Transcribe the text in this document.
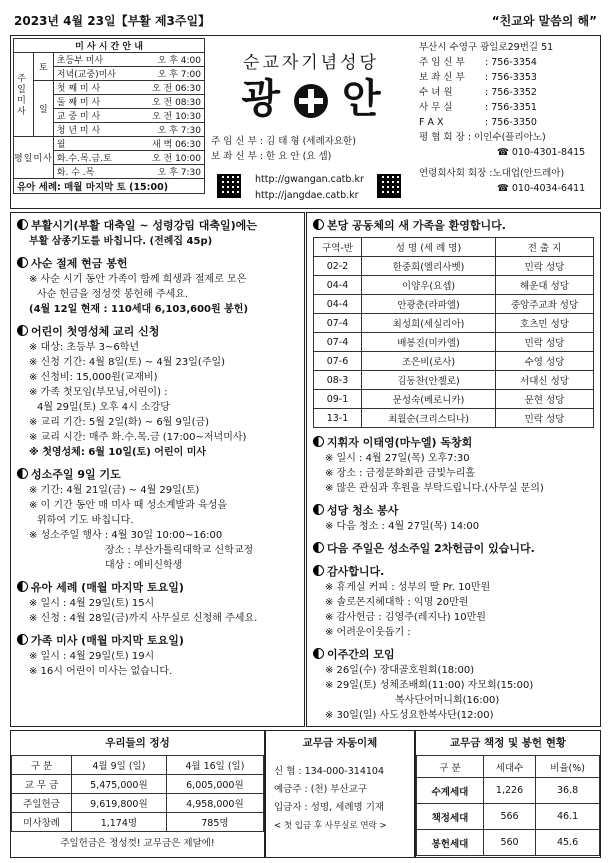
2023년 4월 23일【부활 제3주일】	“친교와 말씀의 해”
미 사 시 간 안 내		

주일미사	토	초등부 미사 오 후 4:00

		저녁(교중)미사 오 후 7:00

	일	첫 째 미 사 오 전 06:30

		둘 째 미 사 오 전 08:30

		교 중 미 사 오 전 10:30

		청 년 미 사 오 후 7:30

평일미사		월 새 벽 06:30

		화.수.목.금.토 오 전 10:00

		화. 수 .목 오 후 7:30

유아 세례: 매월 마지막 토 (15:00)		
순교자기념성당
광 안
주 임 신 부 : 김 태 형 (세례자요한)
보 좌 신 부 : 한 요 안 (요 셉)
http://gwangan.catb.kr
http://jangdae.catb.kr
부산시 수영구 광일로29번길 51
주 임 신 부 : 756-3354
보 좌 신 부 : 756-3353
수 녀 원	: 756-3352
사 무 실	: 756-3351
F A X	: 756-3350
평 협 회 장 : 이인수(플리아노)
☎ 010-4301-8415
연령회사회 회장 :노대업(안드레아)
☎ 010-4034-6411
부활시기(부활 대축일 ~ 성령강림 대축일)에는
부활 삼종기도를 바칩니다. (전례집 45p)
사순 절제 현금 봉헌
※ 사순 시기 동안 가족이 함께 희생과 절제로 모은
사순 헌금을 정성껏 봉헌해 주세요.
(4월 12일 현재 : 110세대 6,103,600원 봉헌)
어린이 첫영성체 교리 신청
※ 대상: 초등부 3~6학년
※ 신청 기간: 4월 8일(토) ~ 4월 23일(주일)
※ 신청비: 15,000원(교재비)
※ 가족 첫모임(부모님,어린이) :
4월 29일(토) 오후 4시 소강당
※ 교리 기간: 5월 2일(화) ~ 6월 9일(금)
※ 교리 시간: 매주 화.수.목.금 (17:00~저녁미사)
※ 첫영성체: 6월 10일(토) 어린이 미사
성소주일 9일 기도
※ 기간: 4월 21일(금) ~ 4월 29일(토)
※ 이 기간 동안 매 미사 때 성소계발과 육성을
위하여 기도 바칩니다.
※ 성소주일 행사 : 4월 30일 10:00~16:00
장소 : 부산가톨릭대학교 신학교정
대상 : 예비신학생
유아 세례 (매월 마지막 토요일)
※ 일시 : 4월 29일(토) 15시
※ 신청 : 4월 28일(금)까지 사무실로 신청해 주세요.
가족 미사 (매월 마지막 토요일)
※ 일시 : 4월 29일(토) 19시
※ 16시 어린이 미사는 없습니다.
본당 공동체의 새 가족을 환영합니다.
구역-반	성 명 (세 례 명)	전 출 지
02-2	한중희(엘리사벳)	민락 성당
04-4	이양우(요셉)	해운대 성당
04-4	안광춘(라파엘)	중앙주교좌 성당
07-4	최성희(세실리아)	호츠민 성당
07-4	배봉진(미카엘)	민락 성당
07-6	조은비(로사)	수영 성당
08-3	김동찬(안젤로)	서대신 성당
09-1	문성숙(베로니카)	문현 성당
13-1	최월순(크리스티나)	민락 성당
지휘자 이태영(마누엘) 독창회
※ 일시 : 4월 27일(목) 오후7:30
※ 장소 : 금정문화회관 금빛누리홀
※ 많은 관심과 후원을 부탁드립니다.(사무실 문의)
성당 청소 봉사
※ 다음 청소 : 4월 27일(목) 14:00
다음 주일은 성소주일 2차헌금이 있습니다.
감사합니다.
※ 휴게실 커피 : 성부의 딸 Pr. 10만원
※ 솔로몬지혜대학 : 익명 20만원
※ 감사헌금 : 김영주(레지나) 10만원
※ 어려운이웃돕기 :
이주간의 모임
※ 26일(수) 장대골호원회(18:00)
※ 29일(토) 성체조배회(11:00) 자모회(15:00)
복사단어머니회(16:00)
※ 30일(일) 사도성요한복사단(12:00)
우리들의 정성
구 분	4월 9일 (일)	4월 16일 (일)
교 무 금	5,475,000원	6,005,000원
주일헌금	9,619,800원	4,958,000원
미사창례	1,174명	785명
주일헌금은 정성껏! 교무금은 제달에!
교무금 자동이체
신 협 : 134-000-314104
예금주 : (천) 부산교구
입금자 : 성명, 세례명 기재
< 첫 입금 후 사무실로 연락 >
교무금 책정 및 봉헌 현황
구 분	세대수	비율(%)
수계세대	1,226	36.8
책정세대	566	46.1
봉헌세대	560	45.6
